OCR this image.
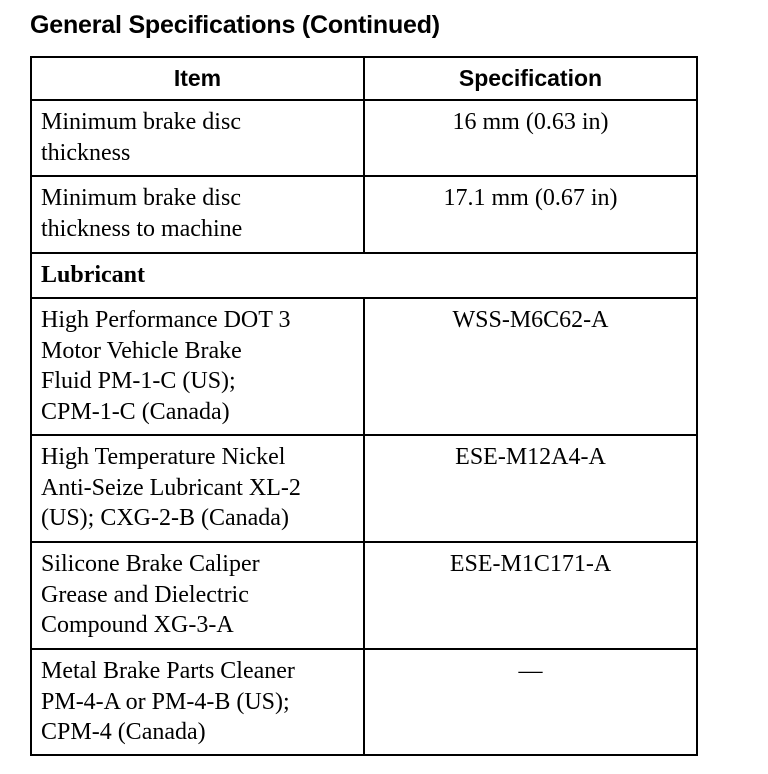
General Specifications (Continued)
Item	Specification
Minimum brake disc
thickness	16 mm (0.63 in)
Minimum brake disc
thickness to machine	17.1 mm (0.67 in)
Lubricant	
High Performance DOT 3
Motor Vehicle Brake
Fluid PM-1-C (US);
CPM-1-C (Canada)	WSS-M6C62-A
High Temperature Nickel
Anti-Seize Lubricant XL-2
(US); CXG-2-B (Canada)	ESE-M12A4-A
Silicone Brake Caliper
Grease and Dielectric
Compound XG-3-A	ESE-M1C171-A
Metal Brake Parts Cleaner
PM-4-A or PM-4-B (US);
CPM-4 (Canada)	—
